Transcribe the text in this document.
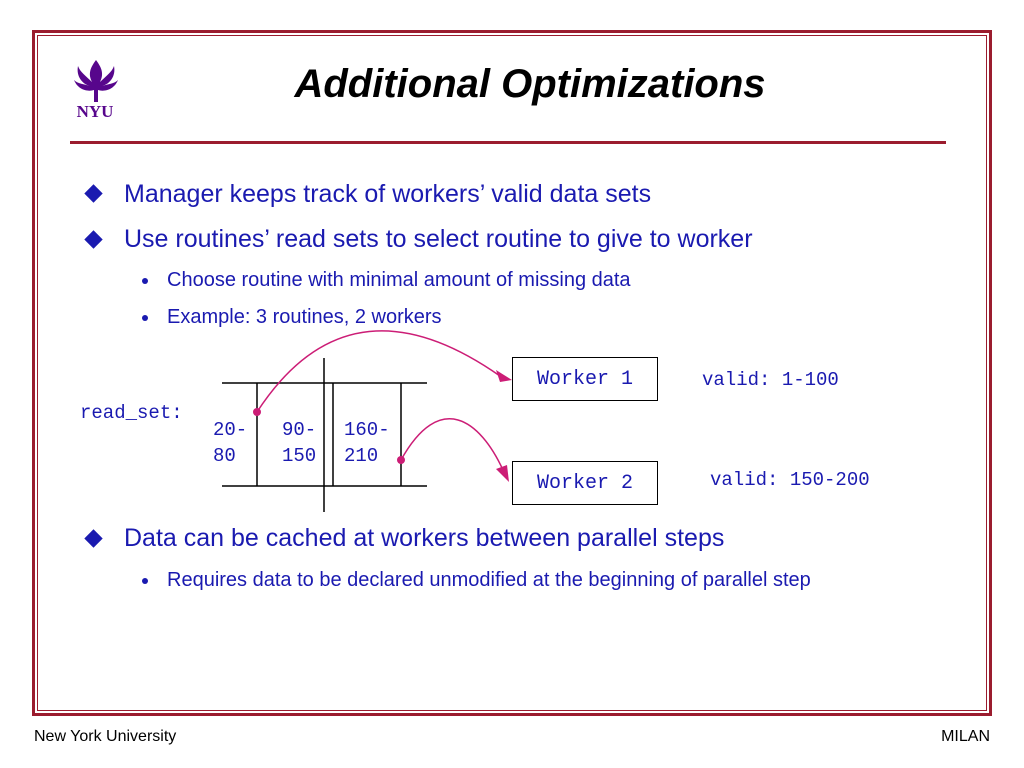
NYU
Additional Optimizations
Manager keeps track of workers’ valid data sets
Use routines’ read sets to select routine to give to worker
Choose routine with minimal amount of missing data
Example: 3 routines, 2 workers
read_set:
20-
80
90-
150
160-
210
Worker 1	valid: 1-100
Worker 2	valid: 150-200
Data can be cached at workers between parallel steps
Requires data to be declared unmodified at the beginning of parallel step
New York University	MILAN
